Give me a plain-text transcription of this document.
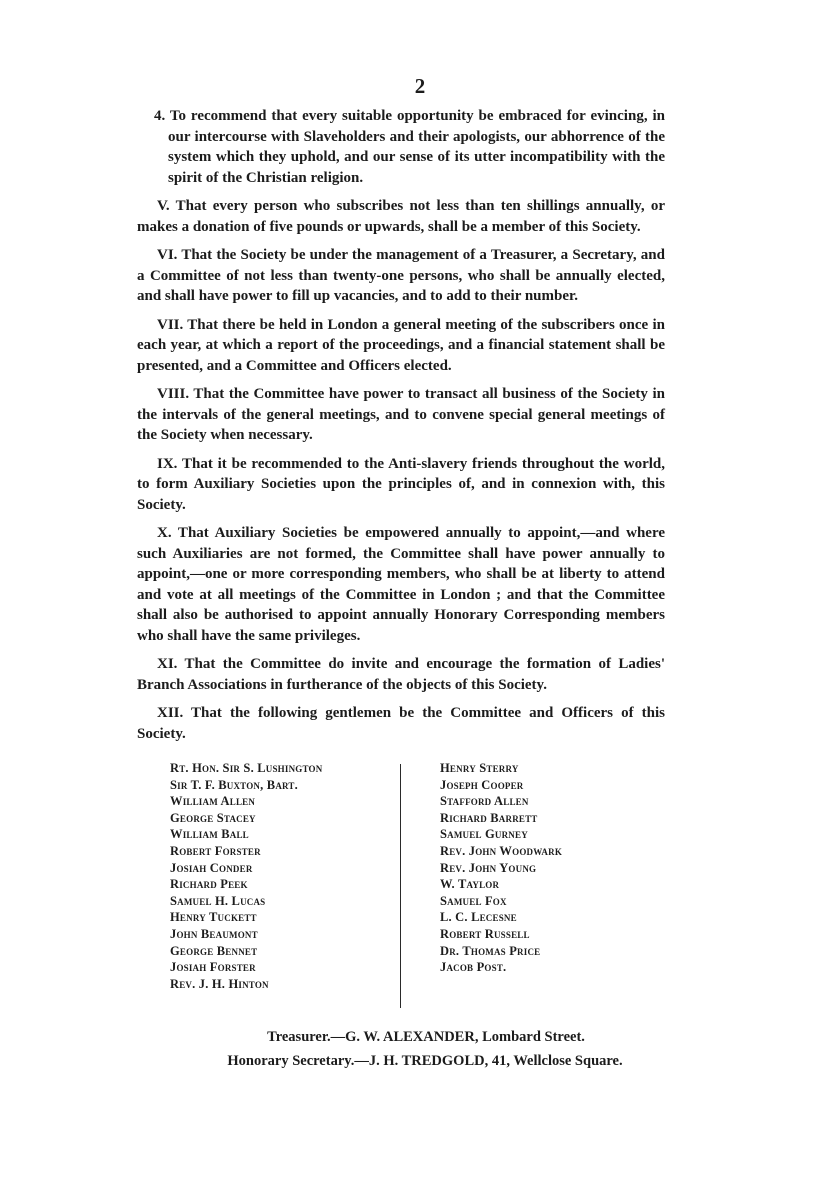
2

4. To recommend that every suitable opportunity be embraced for evincing, in our intercourse with Slaveholders and their apologists, our abhorrence of the system which they uphold, and our sense of its utter incompatibility with the spirit of the Christian religion.

V. That every person who subscribes not less than ten shillings annually, or makes a donation of five pounds or upwards, shall be a member of this Society.

VI. That the Society be under the management of a Treasurer, a Secretary, and a Committee of not less than twenty-one persons, who shall be annually elected, and shall have power to fill up vacancies, and to add to their number.

VII. That there be held in London a general meeting of the subscribers once in each year, at which a report of the proceedings, and a financial statement shall be presented, and a Committee and Officers elected.

VIII. That the Committee have power to transact all business of the Society in the intervals of the general meetings, and to convene special general meetings of the Society when necessary.

IX. That it be recommended to the Anti-slavery friends throughout the world, to form Auxiliary Societies upon the principles of, and in connexion with, this Society.

X. That Auxiliary Societies be empowered annually to appoint,—and where such Auxiliaries are not formed, the Committee shall have power annually to appoint,—one or more corresponding members, who shall be at liberty to attend and vote at all meetings of the Committee in London ; and that the Committee shall also be authorised to appoint annually Honorary Corresponding members who shall have the same privileges.

XI. That the Committee do invite and encourage the formation of Ladies' Branch Associations in furtherance of the objects of this Society.

XII. That the following gentlemen be the Committee and Officers of this Society.

Rt. Hon. Sir S. Lushington
Sir T. F. Buxton, Bart.
William Allen
George Stacey
William Ball
Robert Forster
Josiah Conder
Richard Peek
Samuel H. Lucas
Henry Tuckett
John Beaumont
George Bennet
Josiah Forster
Rev. J. H. Hinton
Henry Sterry
Joseph Cooper
Stafford Allen
Richard Barrett
Samuel Gurney
Rev. John Woodwark
Rev. John Young
W. Taylor
Samuel Fox
L. C. Lecesne
Robert Russell
Dr. Thomas Price
Jacob Post.
Treasurer.—G. W. ALEXANDER, Lombard Street.
Honorary Secretary.—J. H. TREDGOLD, 41, Wellclose Square.
